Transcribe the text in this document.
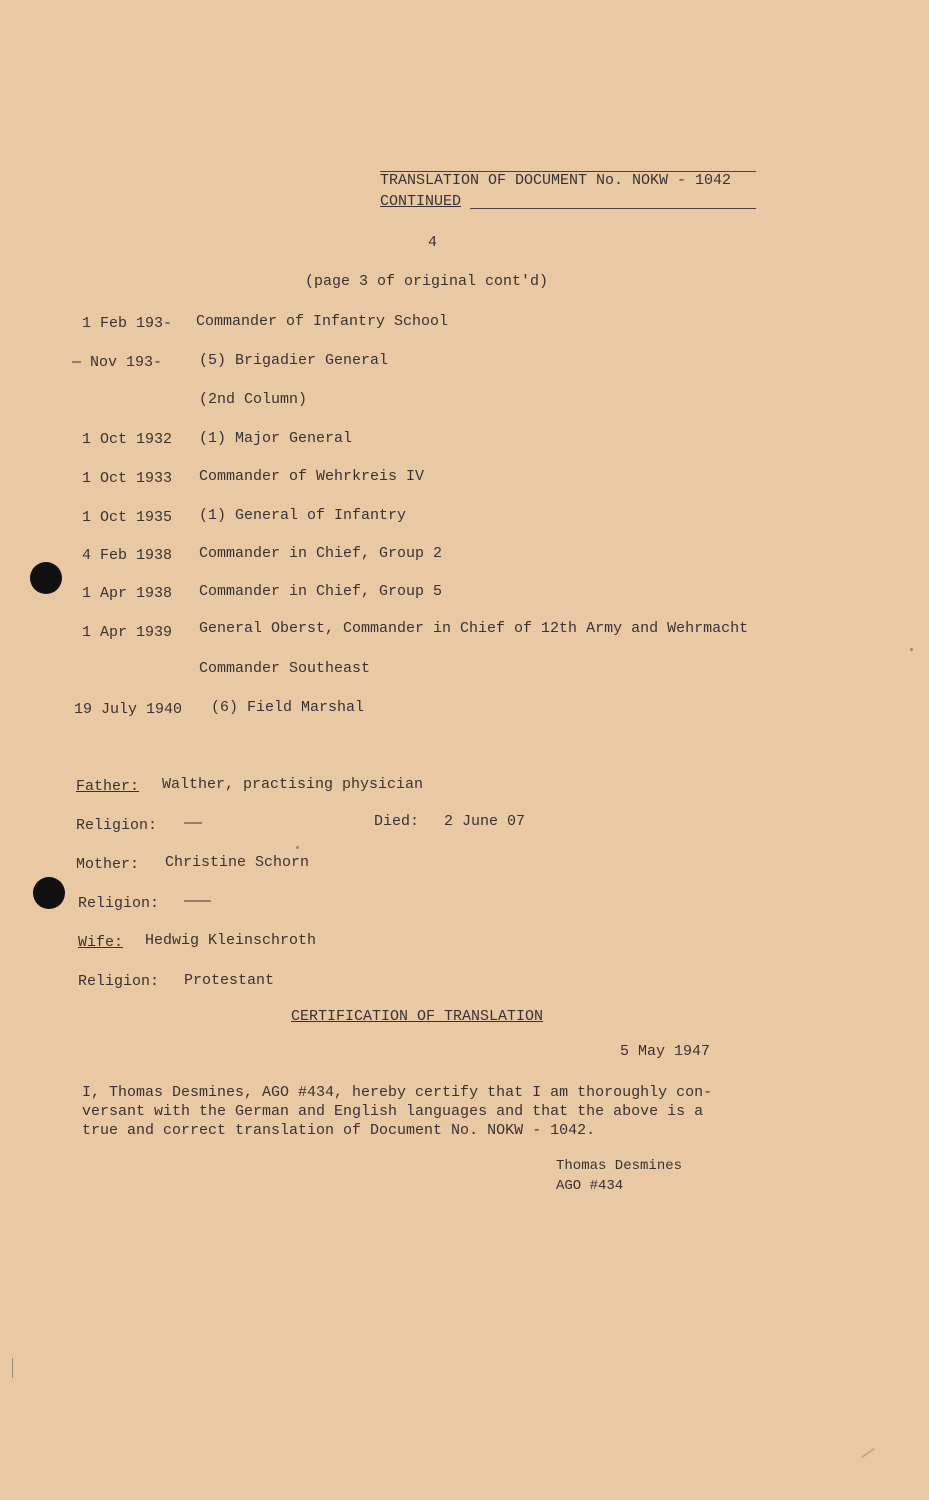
TRANSLATION OF DOCUMENT No. NOKW - 1042
CONTINUED
4
(page 3 of original cont'd)
1 Feb 193- Commander of Infantry School
— Nov 193- (5) Brigadier General
(2nd Column)
1 Oct 1932 (1) Major General
1 Oct 1933 Commander of Wehrkreis IV
1 Oct 1935 (1) General of Infantry
4 Feb 1938 Commander in Chief, Group 2
1 Apr 1938 Commander in Chief, Group 5
1 Apr 1939 General Oberst, Commander in Chief of 12th Army and Wehrmacht
Commander Southeast
19 July 1940 (6) Field Marshal
Father: Walther, practising physician
Religion: ——	Died: 2 June 07
Mother: Christine Schorn
Religion: ———
Wife: Hedwig Kleinschroth
Religion: Protestant
CERTIFICATION OF TRANSLATION
5 May 1947
I, Thomas Desmines, AGO #434, hereby certify that I am thoroughly con-
versant with the German and English languages and that the above is a
true and correct translation of Document No. NOKW - 1042.
Thomas Desmines
AGO #434
